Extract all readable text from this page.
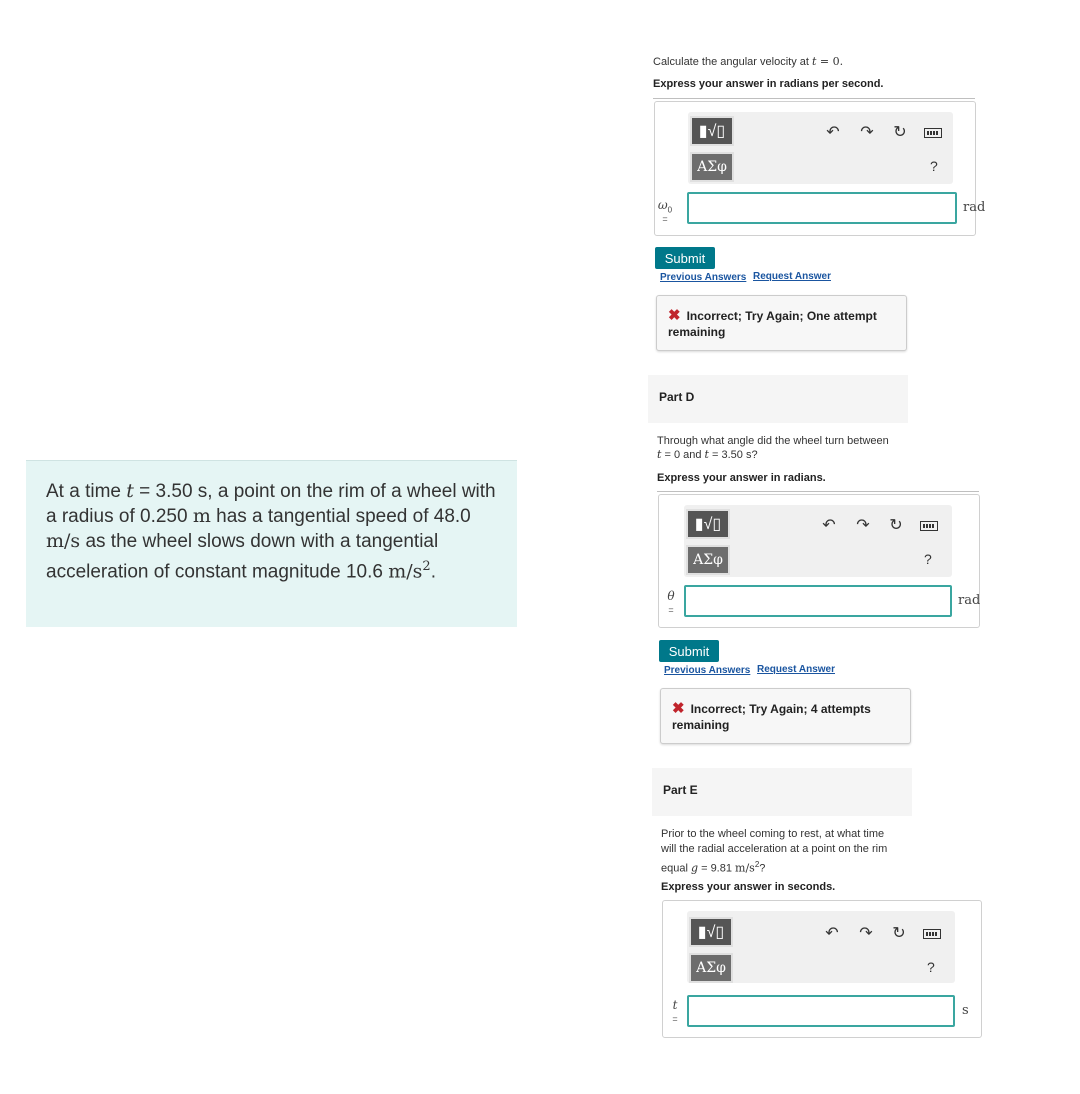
At a time t = 3.50 s, a point on the rim of a wheel with a radius of 0.250 m has a tangential speed of 48.0 m/s as the wheel slows down with a tangential acceleration of constant magnitude 10.6 $m/s^2$.

Calculate the angular velocity at t = 0.

Express your answer in radians per second.

▮√▯
ΑΣφ
↶ ↷ ↻
?
$\omega_0$
=
rad
Submit
Previous Answers Request Answer
✖ Incorrect; Try Again; One attempt remaining
Part D

Through what angle did the wheel turn between
t = 0 and t = 3.50 s?

Express your answer in radians.

▮√▯
ΑΣφ
↶ ↷ ↻
?
θ
=
rad
Submit
Previous Answers Request Answer
✖ Incorrect; Try Again; 4 attempts remaining
Part E

Prior to the wheel coming to rest, at what time
will the radial acceleration at a point on the rim
equal g = 9.81 $m/s^2$?

Express your answer in seconds.

▮√▯
ΑΣφ
↶ ↷ ↻
?
t
=
s
